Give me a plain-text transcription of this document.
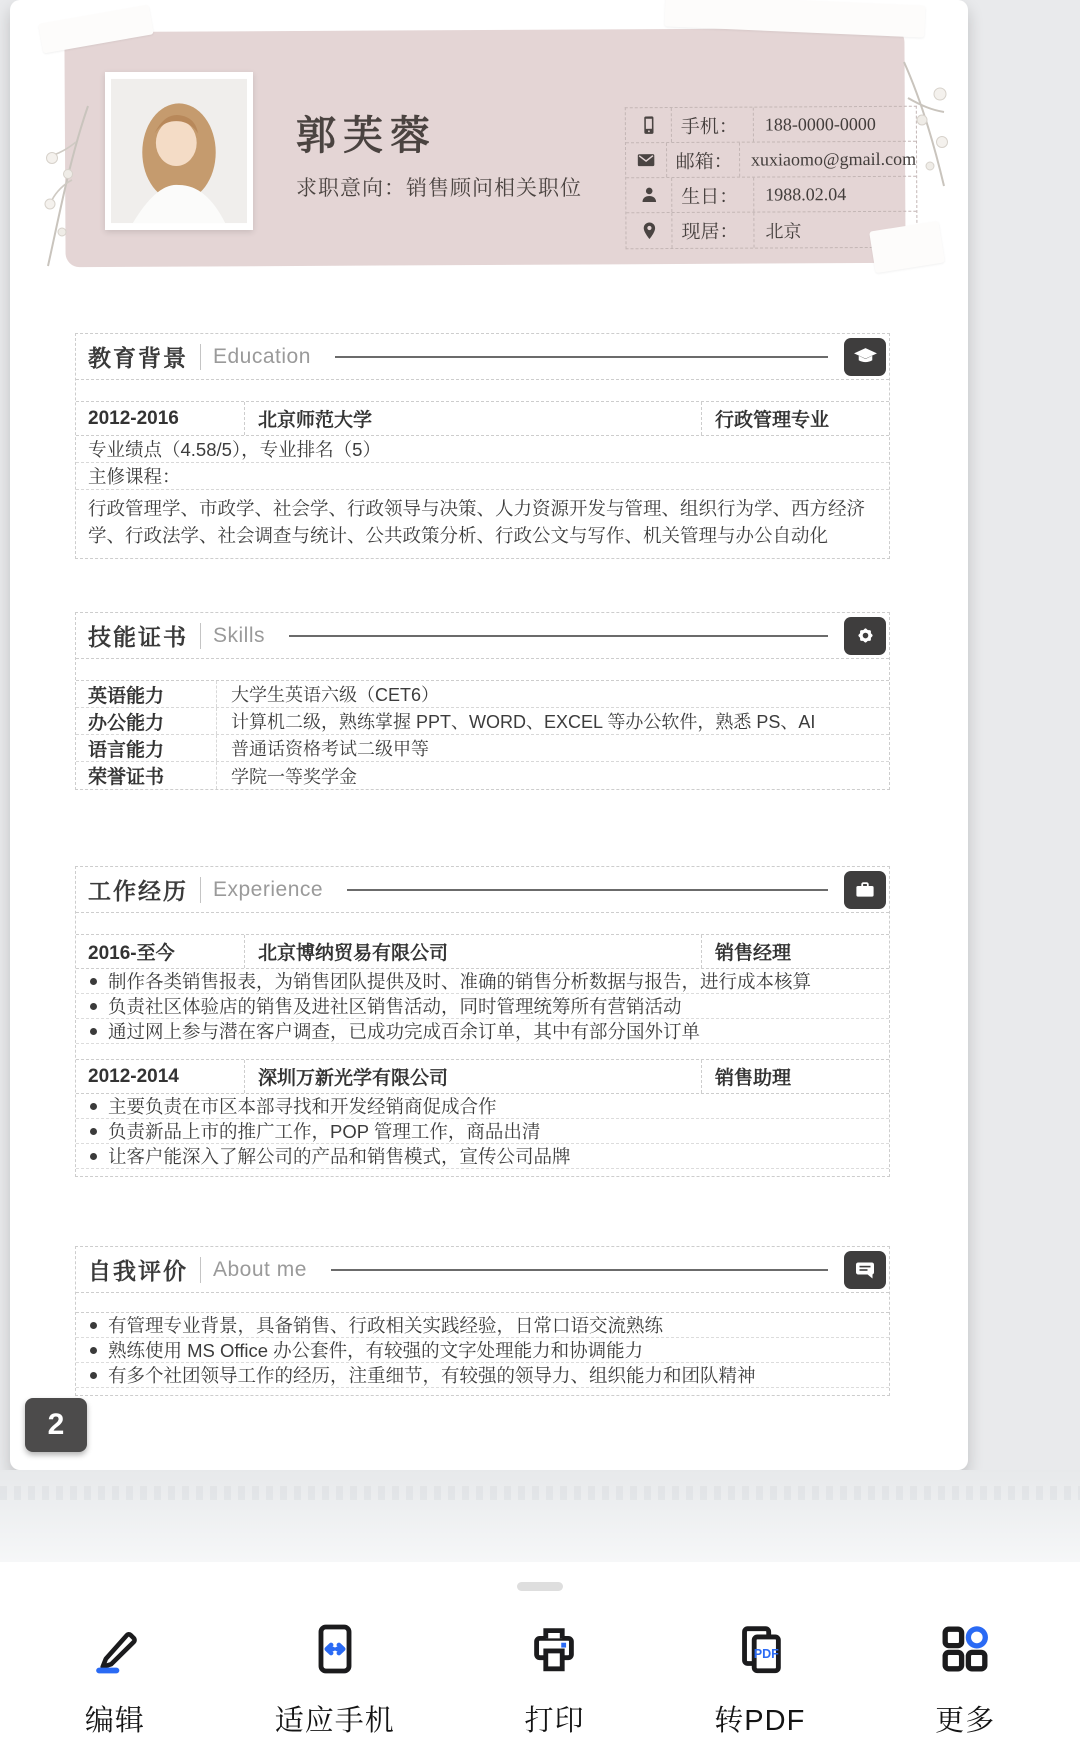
手机：	188-0000-0000
邮箱：	xuxiaomo@gmail.com
生日：	1988.02.04
现居：	北京
郭芙蓉
求职意向：销售顾问相关职位
教育背景 Education
2012-2016	北京师范大学	行政管理专业
专业绩点（4.58/5），专业排名（5）
主修课程：
行政管理学、市政学、社会学、行政领导与决策、人力资源开发与管理、组织行为学、西方经济学、行政法学、社会调查与统计、公共政策分析、行政公文与写作、机关管理与办公自动化
技能证书 Skills
英语能力	大学生英语六级（CET6）
办公能力	计算机二级，熟练掌握 PPT、WORD、EXCEL 等办公软件，熟悉 PS、AI
语言能力	普通话资格考试二级甲等
荣誉证书	学院一等奖学金
工作经历 Experience
2016-至今	北京博纳贸易有限公司	销售经理
制作各类销售报表，为销售团队提供及时、准确的销售分析数据与报告，进行成本核算
负责社区体验店的销售及进社区销售活动，同时管理统筹所有营销活动
通过网上参与潜在客户调查，已成功完成百余订单，其中有部分国外订单
2012-2014	深圳万新光学有限公司	销售助理
主要负责在市区本部寻找和开发经销商促成合作
负责新品上市的推广工作，POP 管理工作，商品出清
让客户能深入了解公司的产品和销售模式，宣传公司品牌
自我评价 About me
有管理专业背景，具备销售、行政相关实践经验，日常口语交流熟练
熟练使用 MS Office 办公套件，有较强的文字处理能力和协调能力
有多个社团领导工作的经历，注重细节，有较强的领导力、组织能力和团队精神
2
编辑	适应手机	打印
PDF
转PDF	更多
